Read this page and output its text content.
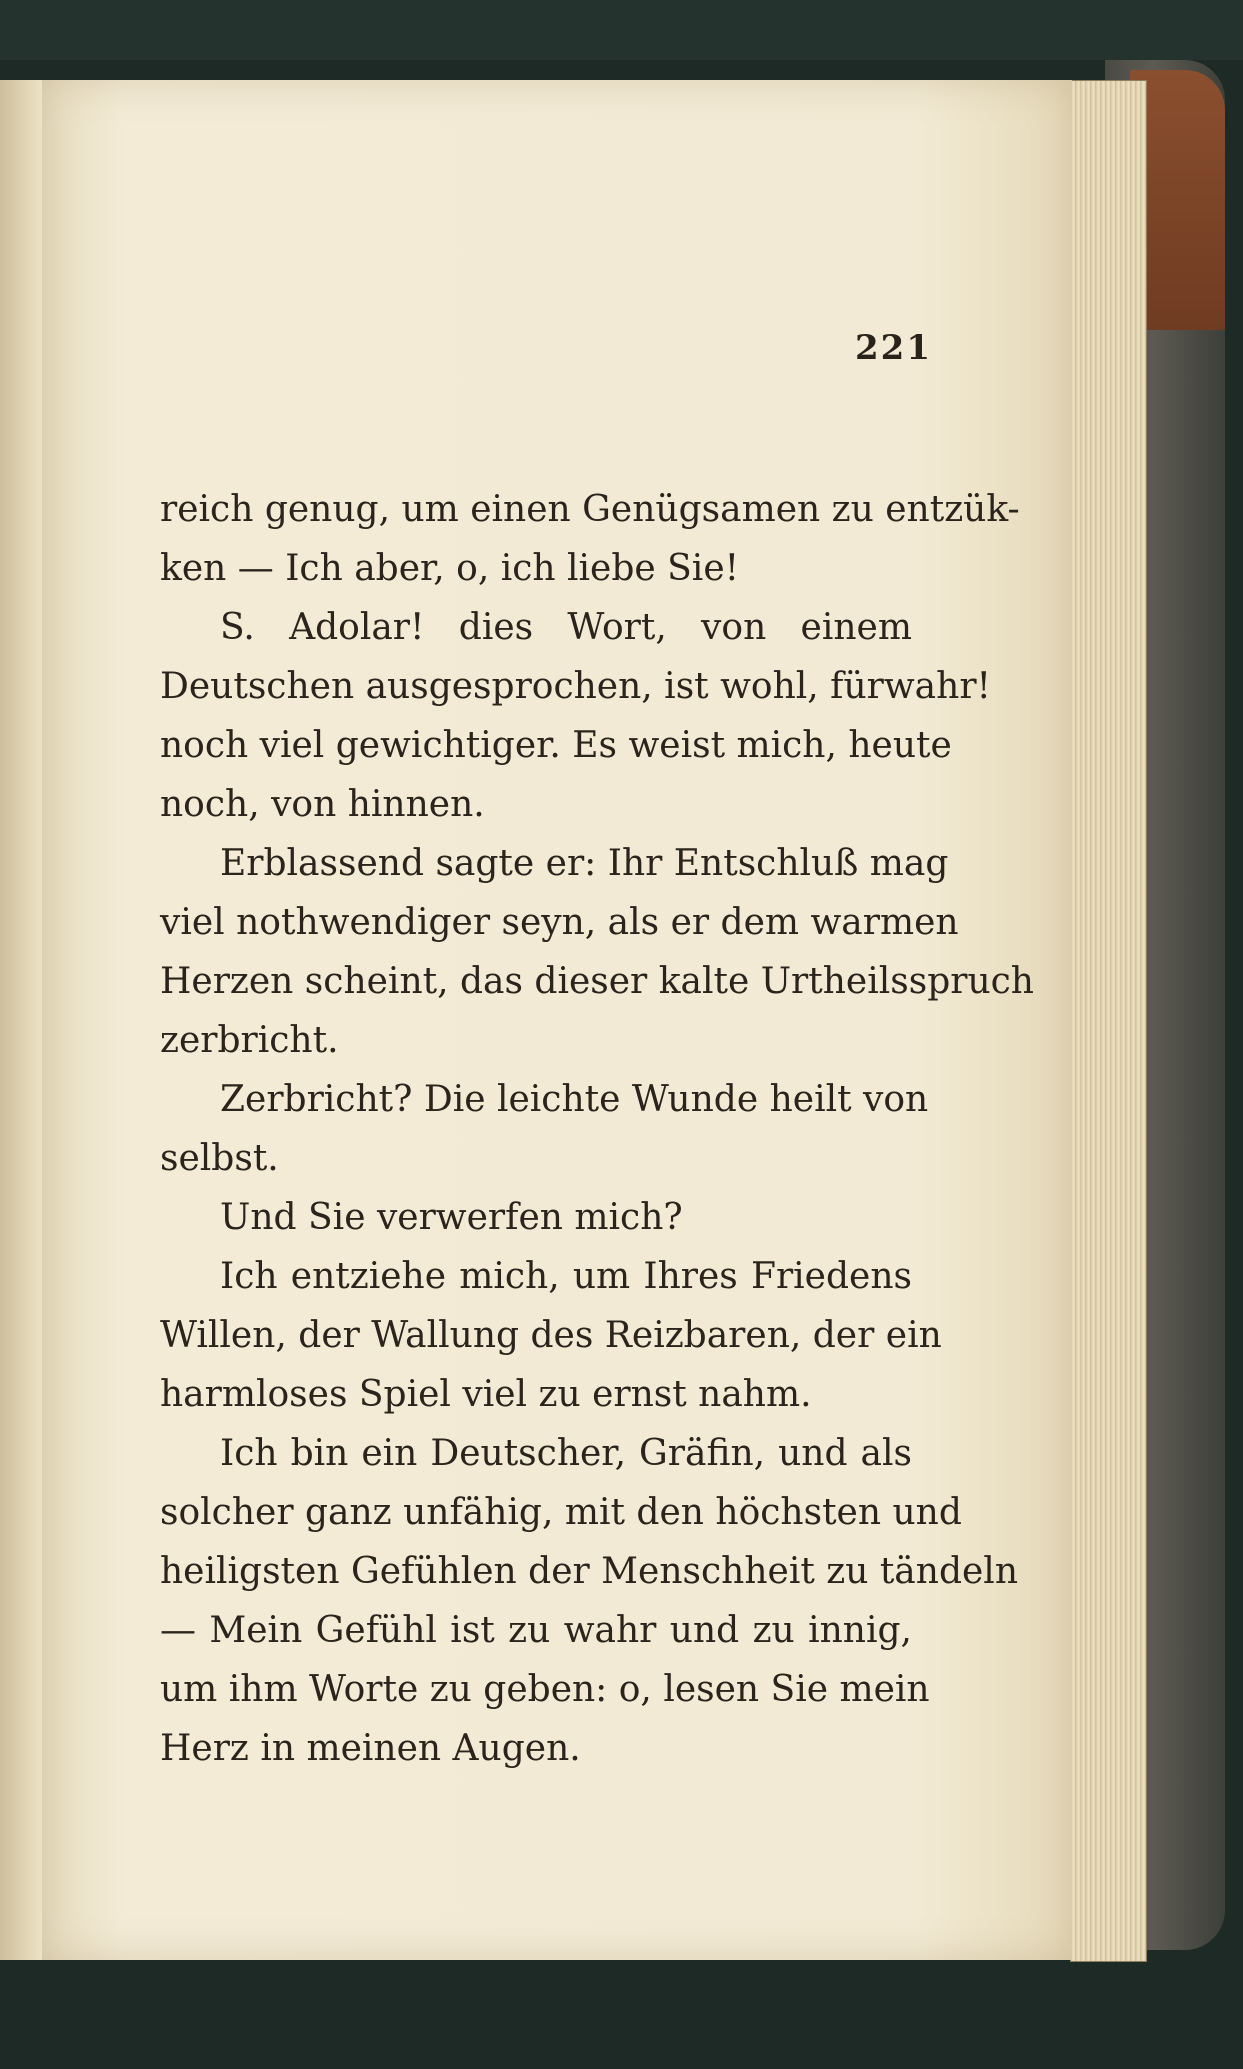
221
reich genug, um einen Genügsamen zu entzük-
ken — Ich aber, o, ich liebe Sie!
S. Adolar! dies Wort, von einem
Deutschen ausgesprochen, ist wohl, fürwahr!
noch viel gewichtiger. Es weist mich, heute
noch, von hinnen.
Erblassend sagte er: Ihr Entschluß mag
viel nothwendiger seyn, als er dem warmen
Herzen scheint, das dieser kalte Urtheilsspruch
zerbricht.
Zerbricht? Die leichte Wunde heilt von
selbst.
Und Sie verwerfen mich?
Ich entziehe mich, um Ihres Friedens
Willen, der Wallung des Reizbaren, der ein
harmloses Spiel viel zu ernst nahm.
Ich bin ein Deutscher, Gräfin, und als
solcher ganz unfähig, mit den höchsten und
heiligsten Gefühlen der Menschheit zu tändeln
— Mein Gefühl ist zu wahr und zu innig,
um ihm Worte zu geben: o, lesen Sie mein
Herz in meinen Augen.
